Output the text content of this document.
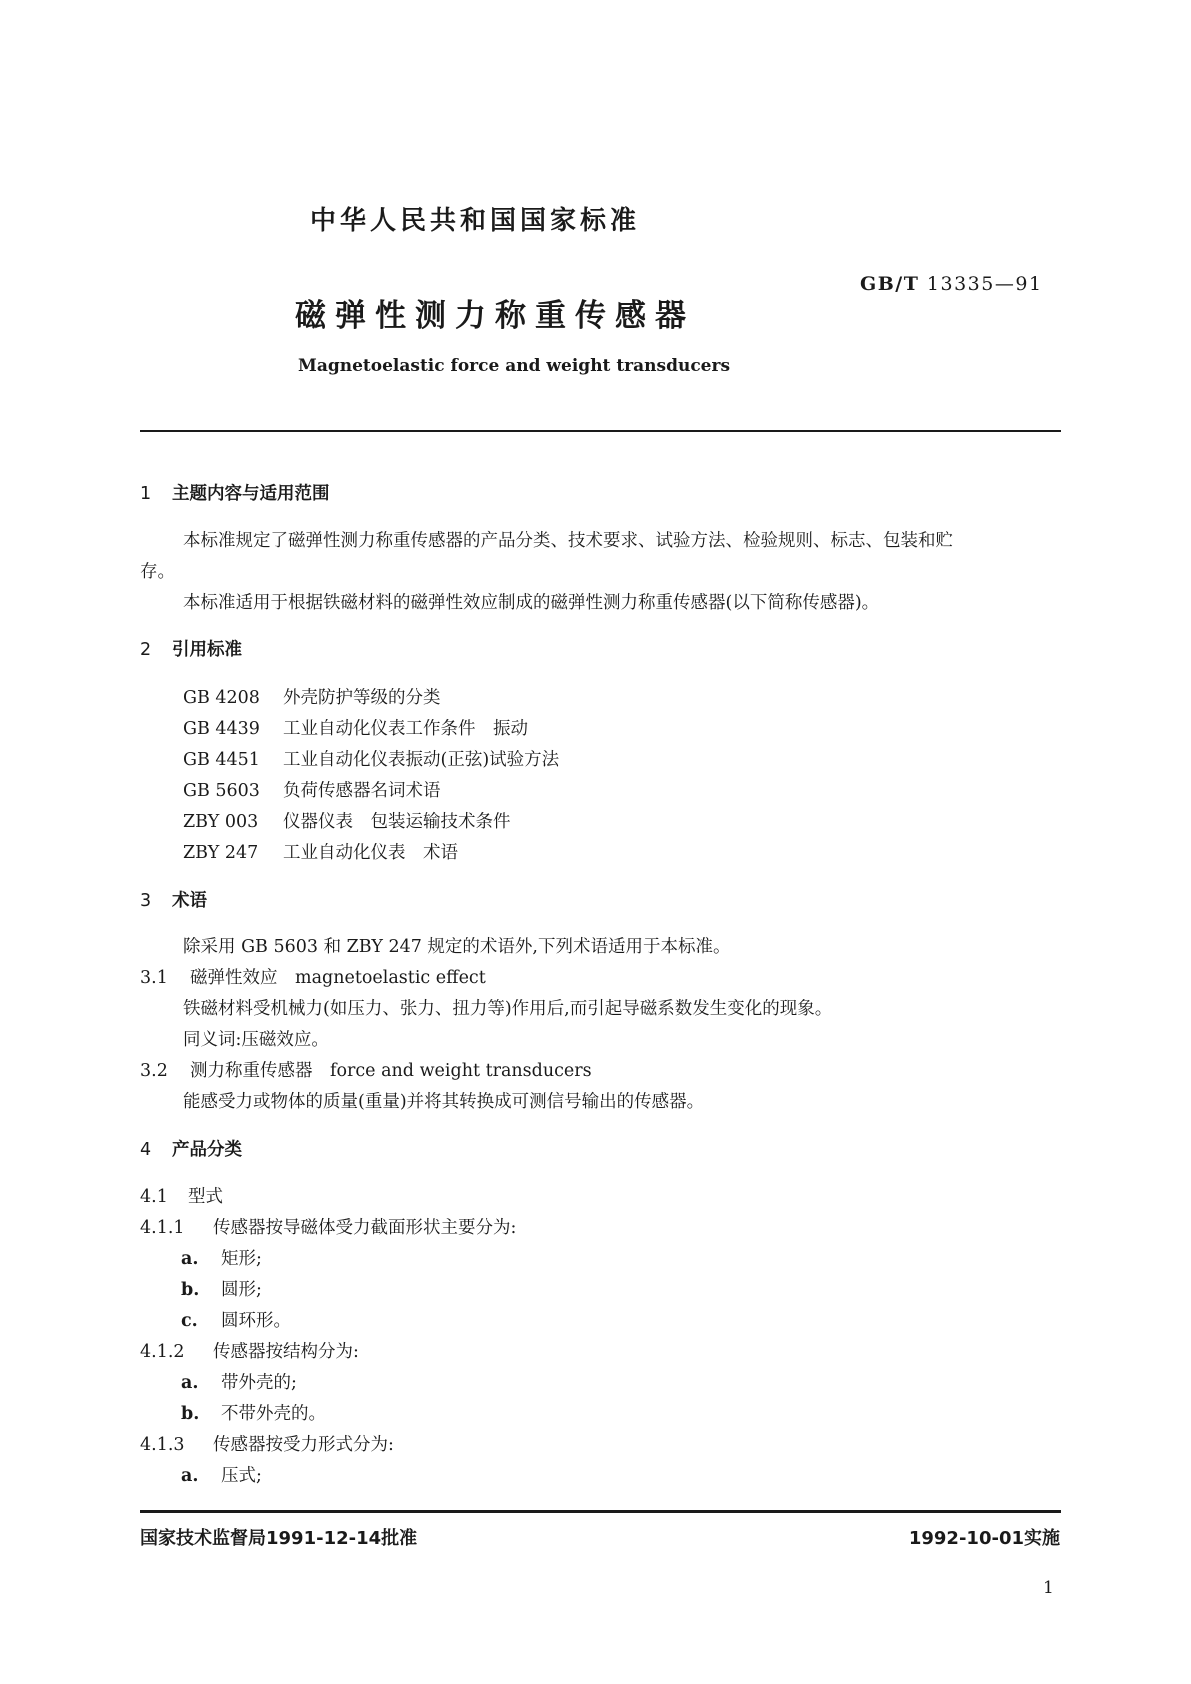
中华人民共和国国家标准
GB/T 13335—91
磁弹性测力称重传感器
Magnetoelastic force and weight transducers
1 主题内容与适用范围
本标准规定了磁弹性测力称重传感器的产品分类、技术要求、试验方法、检验规则、标志、包装和贮
存。
本标准适用于根据铁磁材料的磁弹性效应制成的磁弹性测力称重传感器(以下简称传感器)。
2 引用标准
GB 4208 外壳防护等级的分类
GB 4439 工业自动化仪表工作条件　振动
GB 4451 工业自动化仪表振动(正弦)试验方法
GB 5603 负荷传感器名词术语
ZBY 003 仪器仪表　包装运输技术条件
ZBY 247 工业自动化仪表　术语
3 术语
除采用 GB 5603 和 ZBY 247 规定的术语外,下列术语适用于本标准。
3.1 磁弹性效应　magnetoelastic effect
铁磁材料受机械力(如压力、张力、扭力等)作用后,而引起导磁系数发生变化的现象。
同义词:压磁效应。
3.2 测力称重传感器　force and weight transducers
能感受力或物体的质量(重量)并将其转换成可测信号输出的传感器。
4 产品分类
4.1 型式
4.1.1 传感器按导磁体受力截面形状主要分为:
a. 矩形;
b. 圆形;
c. 圆环形。
4.1.2 传感器按结构分为:
a. 带外壳的;
b. 不带外壳的。
4.1.3 传感器按受力形式分为:
a. 压式;
国家技术监督局1991-12-14批准	1992-10-01实施
1
